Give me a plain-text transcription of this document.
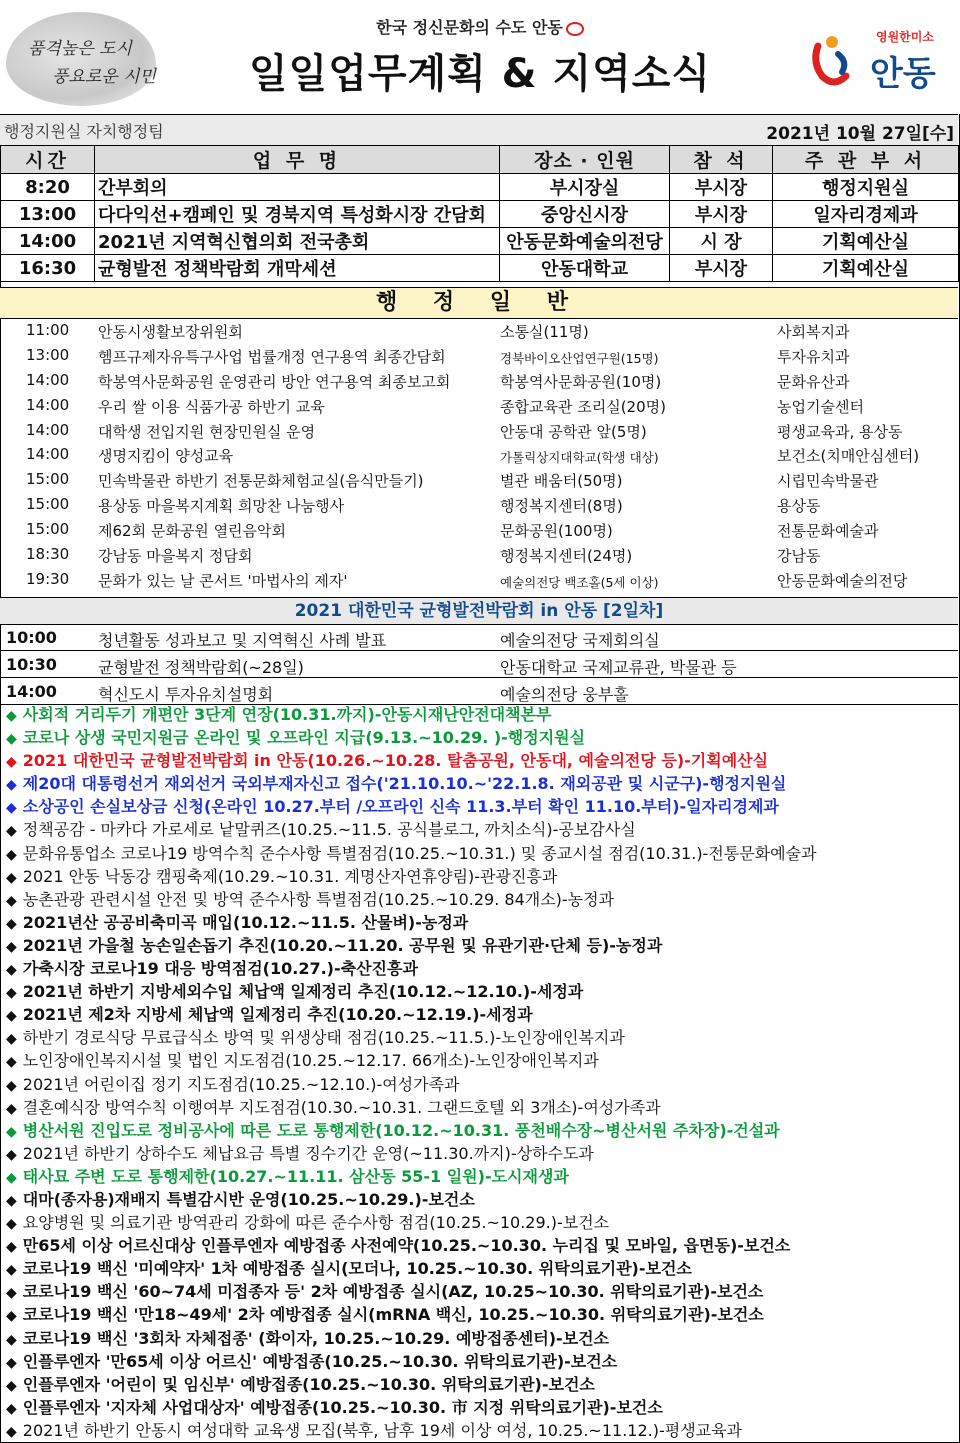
품격높은 도시
풍요로운 시민
한국 정신문화의 수도 안동
일일업무계획 & 지역소식
영원한미소
안동
행정지원실 자치행정팀	2021년 10월 27일[수]
시간	업 무 명	장소 · 인원	참 석	주 관 부 서
8:20	간부회의	부시장실	부시장	행정지원실
13:00	다다익선+캠페인 및 경북지역 특성화시장 간담회	중앙신시장	부시장	일자리경제과
14:00	2021년 지역혁신협의회 전국총회	안동문화예술의전당	시 장	기획예산실
16:30	균형발전 정책박람회 개막세션	안동대학교	부시장	기획예산실
행 정 일 반
11:00 안동시생활보장위원회	소통실(11명)	사회복지과
13:00 헴프규제자유특구사업 법률개정 연구용역 최종간담회	경북바이오산업연구원(15명)	투자유치과
14:00 학봉역사문화공원 운영관리 방안 연구용역 최종보고회	학봉역사문화공원(10명)	문화유산과
14:00 우리 쌀 이용 식품가공 하반기 교육	종합교육관 조리실(20명)	농업기술센터
14:00 대학생 전입지원 현장민원실 운영	안동대 공학관 앞(5명)	평생교육과, 용상동
14:00 생명지킴이 양성교육	가톨릭상지대학교(학생 대상)	보건소(치매안심센터)
15:00 민속박물관 하반기 전통문화체험교실(음식만들기)	별관 배움터(50명)	시립민속박물관
15:00 용상동 마을복지계획 희망찬 나눔행사	행정복지센터(8명)	용상동
15:00 제62회 문화공원 열린음악회	문화공원(100명)	전통문화예술과
18:30 강남동 마을복지 정담회	행정복지센터(24명)	강남동
19:30 문화가 있는 날 콘서트 '마법사의 제자'	예술의전당 백조홀(5세 이상)	안동문화예술의전당
2021 대한민국 균형발전박람회 in 안동 [2일차]
10:00	청년활동 성과보고 및 지역혁신 사례 발표	예술의전당 국제회의실
10:30	균형발전 정책박람회(~28일)	안동대학교 국제교류관, 박물관 등
14:00	혁신도시 투자유치설명회	예술의전당 웅부홀
◆ 사회적 거리두기 개편안 3단계 연장(10.31.까지)-안동시재난안전대책본부
◆ 코로나 상생 국민지원금 온라인 및 오프라인 지급(9.13.~10.29. )-행정지원실
◆ 2021 대한민국 균형발전박람회 in 안동(10.26.~10.28. 탈춤공원, 안동대, 예술의전당 등)-기획예산실
◆ 제20대 대통령선거 재외선거 국외부재자신고 접수('21.10.10.~'22.1.8. 재외공관 및 시군구)-행정지원실
◆ 소상공인 손실보상금 신청(온라인 10.27.부터 /오프라인 신속 11.3.부터 확인 11.10.부터)-일자리경제과
◆ 정책공감 - 마카다 가로세로 낱말퀴즈(10.25.~11.5. 공식블로그, 까치소식)-공보감사실
◆ 문화유통업소 코로나19 방역수칙 준수사항 특별점검(10.25.~10.31.) 및 종교시설 점검(10.31.)-전통문화예술과
◆ 2021 안동 낙동강 캠핑축제(10.29.~10.31. 계명산자연휴양림)-관광진흥과
◆ 농촌관광 관련시설 안전 및 방역 준수사항 특별점검(10.25.~10.29. 84개소)-농정과
◆ 2021년산 공공비축미곡 매입(10.12.~11.5. 산물벼)-농정과
◆ 2021년 가을철 농손일손돕기 추진(10.20.~11.20. 공무원 및 유관기관·단체 등)-농정과
◆ 가축시장 코로나19 대응 방역점검(10.27.)-축산진흥과
◆ 2021년 하반기 지방세외수입 체납액 일제정리 추진(10.12.~12.10.)-세정과
◆ 2021년 제2차 지방세 체납액 일제정리 추진(10.20.~12.19.)-세정과
◆ 하반기 경로식당 무료급식소 방역 및 위생상태 점검(10.25.~11.5.)-노인장애인복지과
◆ 노인장애인복지시설 및 법인 지도점검(10.25.~12.17. 66개소)-노인장애인복지과
◆ 2021년 어린이집 정기 지도점검(10.25.~12.10.)-여성가족과
◆ 결혼예식장 방역수칙 이행여부 지도점검(10.30.~10.31. 그랜드호텔 외 3개소)-여성가족과
◆ 병산서원 진입도로 정비공사에 따른 도로 통행제한(10.12.~10.31. 풍천배수장~병산서원 주차장)-건설과
◆ 2021년 하반기 상하수도 체납요금 특별 징수기간 운영(~11.30.까지)-상하수도과
◆ 태사묘 주변 도로 통행제한(10.27.~11.11. 삼산동 55-1 일원)-도시재생과
◆ 대마(종자용)재배지 특별감시반 운영(10.25.~10.29.)-보건소
◆ 요양병원 및 의료기관 방역관리 강화에 따른 준수사항 점검(10.25.~10.29.)-보건소
◆ 만65세 이상 어르신대상 인플루엔자 예방접종 사전예약(10.25.~10.30. 누리집 및 모바일, 읍면동)-보건소
◆ 코로나19 백신 '미예약자' 1차 예방접종 실시(모더나, 10.25.~10.30. 위탁의료기관)-보건소
◆ 코로나19 백신 '60~74세 미접종자 등' 2차 예방접종 실시(AZ, 10.25~10.30. 위탁의료기관)-보건소
◆ 코로나19 백신 '만18~49세' 2차 예방접종 실시(mRNA 백신, 10.25.~10.30. 위탁의료기관)-보건소
◆ 코로나19 백신 '3회차 자체접종' (화이자, 10.25.~10.29. 예방접종센터)-보건소
◆ 인플루엔자 '만65세 이상 어르신' 예방접종(10.25.~10.30. 위탁의료기관)-보건소
◆ 인플루엔자 '어린이 및 임신부' 예방접종(10.25.~10.30. 위탁의료기관)-보건소
◆ 인플루엔자 '지자체 사업대상자' 예방접종(10.25.~10.30. 市 지정 위탁의료기관)-보건소
◆ 2021년 하반기 안동시 여성대학 교육생 모집(북후, 남후 19세 이상 여성, 10.25.~11.12.)-평생교육과
